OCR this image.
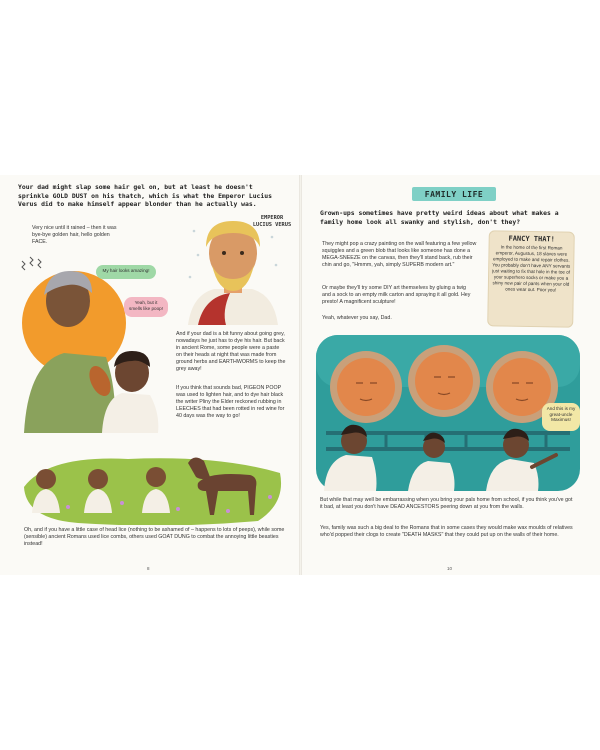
Your dad might slap some hair gel on, but at least he doesn't sprinkle GOLD DUST on his thatch, which is what the Emperor Lucius Verus did to make himself appear blonder than he actually was.

Very nice until it rained – then it was bye-bye golden hair, hello golden FACE.

EMPEROR LUCIUS VERUS

My hair looks amazing!
Yeah, but it smells like poop!

And if your dad is a bit funny about going grey, nowadays he just has to dye his hair. But back in ancient Rome, some people were a paste on their heads at night that was made from ground herbs and EARTHWORMS to keep the grey away!

If you think that sounds bad, PIGEON POOP was used to lighten hair, and to dye hair black the writer Pliny the Elder reckoned rubbing in LEECHES that had been rotted in red wine for 40 days was the way to go!

Oh, and if you have a little case of head lice (nothing to be ashamed of – happens to lots of peeps), while some (sensible) ancient Romans used lice combs, others used GOAT DUNG to combat the annoying little beasties instead!

8
FAMILY LIFE

Grown-ups sometimes have pretty weird ideas about what makes a family home look all swanky and stylish, don't they?

They might pop a crazy painting on the wall featuring a few yellow squiggles and a green blob that looks like someone has done a MEGA-SNEEZE on the canvas, then they'll stand back, rub their chin and go, "Hmmm, yah, simply SUPERB modern art."

Or maybe they'll try some DIY art themselves by gluing a twig and a sock to an empty milk carton and spraying it all gold. Hey presto! A magnificent sculpture!

Yeah, whatever you say, Dad.

FANCY THAT!
In the home of the first Roman emperor, Augustus, 18 slaves were employed to make and repair clothes. You probably don't have ANY servants just waiting to fix that hole in the toe of your superhero socks or make you a shiny new pair of pants when your old ones wear out. Poor you!
And this is my great-uncle Maximus!

But while that may well be embarrassing when you bring your pals home from school, if you think you've got it bad, at least you don't have DEAD ANCESTORS peering down at you from the walls.

Yes, family was such a big deal to the Romans that in some cases they would make wax moulds of relatives who'd popped their clogs to create "DEATH MASKS" that they could put up on the walls of their home.

10
